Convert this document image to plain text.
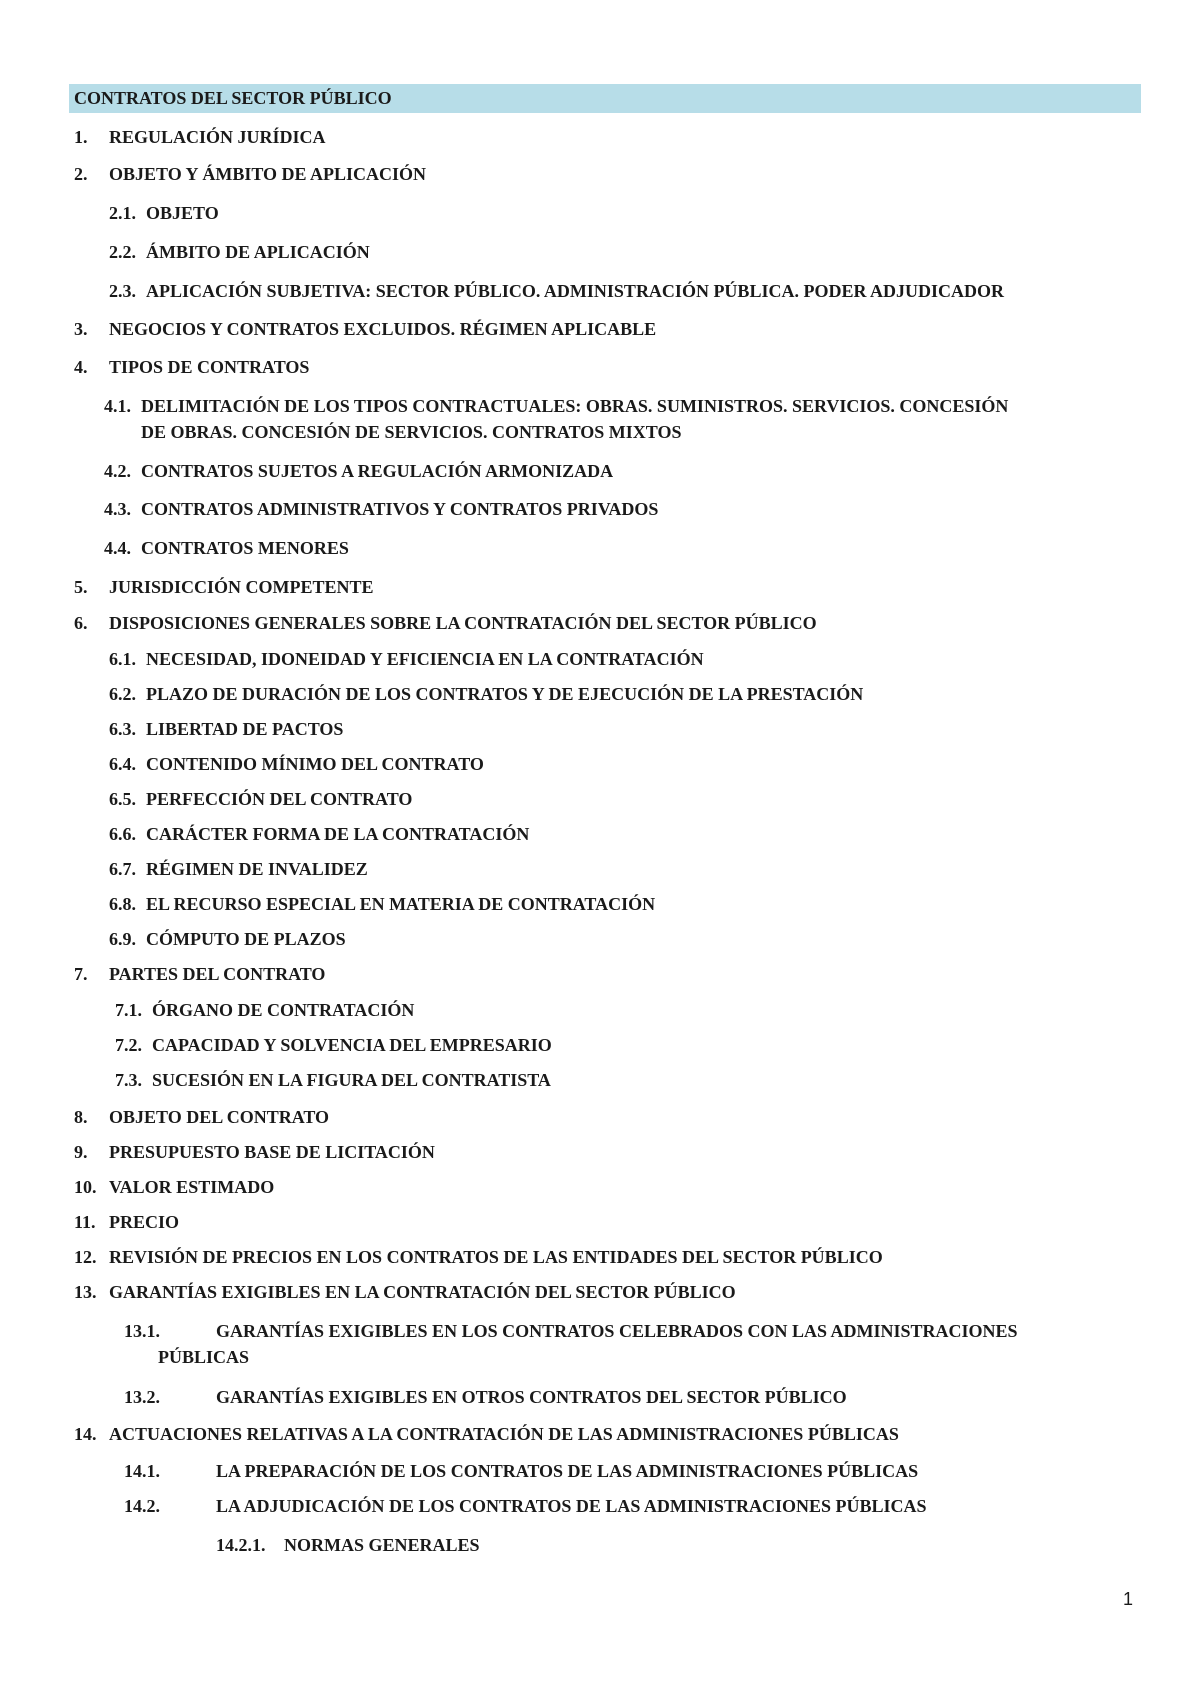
CONTRATOS DEL SECTOR PÚBLICO
1. REGULACIÓN JURÍDICA
2. OBJETO Y ÁMBITO DE APLICACIÓN
2.1. OBJETO
2.2. ÁMBITO DE APLICACIÓN
2.3. APLICACIÓN SUBJETIVA: SECTOR PÚBLICO. ADMINISTRACIÓN PÚBLICA. PODER ADJUDICADOR
3. NEGOCIOS Y CONTRATOS EXCLUIDOS. RÉGIMEN APLICABLE
4. TIPOS DE CONTRATOS
4.1. DELIMITACIÓN DE LOS TIPOS CONTRACTUALES: OBRAS. SUMINISTROS. SERVICIOS. CONCESIÓN
DE OBRAS. CONCESIÓN DE SERVICIOS. CONTRATOS MIXTOS
4.2. CONTRATOS SUJETOS A REGULACIÓN ARMONIZADA
4.3. CONTRATOS ADMINISTRATIVOS Y CONTRATOS PRIVADOS
4.4. CONTRATOS MENORES
5. JURISDICCIÓN COMPETENTE
6. DISPOSICIONES GENERALES SOBRE LA CONTRATACIÓN DEL SECTOR PÚBLICO
6.1. NECESIDAD, IDONEIDAD Y EFICIENCIA EN LA CONTRATACIÓN
6.2. PLAZO DE DURACIÓN DE LOS CONTRATOS Y DE EJECUCIÓN DE LA PRESTACIÓN
6.3. LIBERTAD DE PACTOS
6.4. CONTENIDO MÍNIMO DEL CONTRATO
6.5. PERFECCIÓN DEL CONTRATO
6.6. CARÁCTER FORMA DE LA CONTRATACIÓN
6.7. RÉGIMEN DE INVALIDEZ
6.8. EL RECURSO ESPECIAL EN MATERIA DE CONTRATACIÓN
6.9. CÓMPUTO DE PLAZOS
7. PARTES DEL CONTRATO
7.1. ÓRGANO DE CONTRATACIÓN
7.2. CAPACIDAD Y SOLVENCIA DEL EMPRESARIO
7.3. SUCESIÓN EN LA FIGURA DEL CONTRATISTA
8. OBJETO DEL CONTRATO
9. PRESUPUESTO BASE DE LICITACIÓN
10. VALOR ESTIMADO
11. PRECIO
12. REVISIÓN DE PRECIOS EN LOS CONTRATOS DE LAS ENTIDADES DEL SECTOR PÚBLICO
13. GARANTÍAS EXIGIBLES EN LA CONTRATACIÓN DEL SECTOR PÚBLICO
13.1.	GARANTÍAS EXIGIBLES EN LOS CONTRATOS CELEBRADOS CON LAS ADMINISTRACIONES
PÚBLICAS
13.2.	GARANTÍAS EXIGIBLES EN OTROS CONTRATOS DEL SECTOR PÚBLICO
14. ACTUACIONES RELATIVAS A LA CONTRATACIÓN DE LAS ADMINISTRACIONES PÚBLICAS
14.1.	LA PREPARACIÓN DE LOS CONTRATOS DE LAS ADMINISTRACIONES PÚBLICAS
14.2.	LA ADJUDICACIÓN DE LOS CONTRATOS DE LAS ADMINISTRACIONES PÚBLICAS
14.2.1. NORMAS GENERALES
1
